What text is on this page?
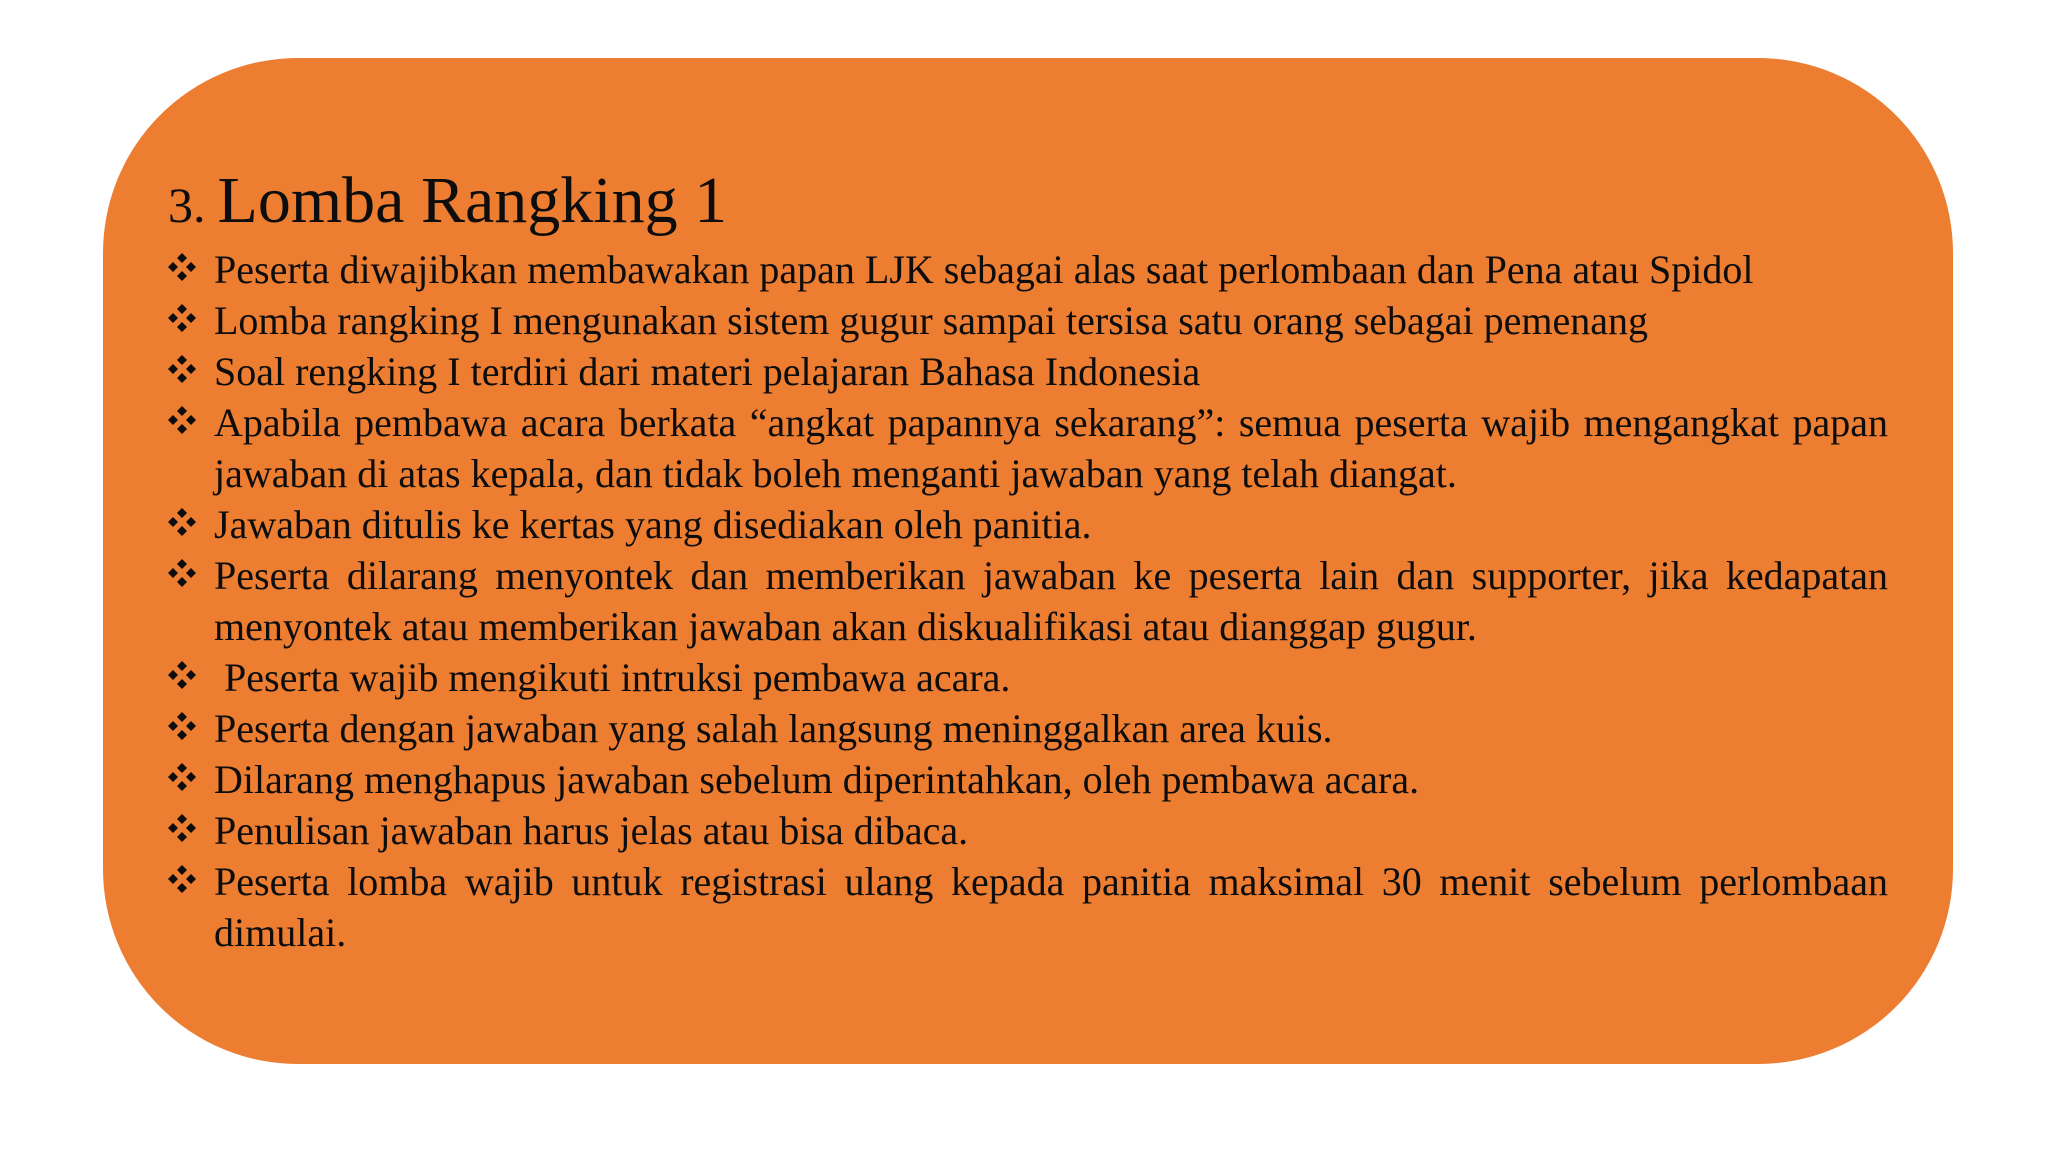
3. Lomba Rangking 1
Peserta diwajibkan membawakan papan LJK sebagai alas saat perlombaan dan Pena atau Spidol
Lomba rangking I mengunakan sistem gugur sampai tersisa satu orang sebagai pemenang
Soal rengking I terdiri dari materi pelajaran Bahasa Indonesia
Apabila pembawa acara berkata “angkat papannya sekarang”: semua peserta wajib mengangkat papan jawaban di atas kepala, dan tidak boleh menganti jawaban yang telah diangat.
Jawaban ditulis ke kertas yang disediakan oleh panitia.
Peserta dilarang menyontek dan memberikan jawaban ke peserta lain dan supporter, jika kedapatan menyontek atau memberikan jawaban akan diskualifikasi atau dianggap gugur.
Peserta wajib mengikuti intruksi pembawa acara.
Peserta dengan jawaban yang salah langsung meninggalkan area kuis.
Dilarang menghapus jawaban sebelum diperintahkan, oleh pembawa acara.
Penulisan jawaban harus jelas atau bisa dibaca.
Peserta lomba wajib untuk registrasi ulang kepada panitia maksimal 30 menit sebelum perlombaan dimulai.
